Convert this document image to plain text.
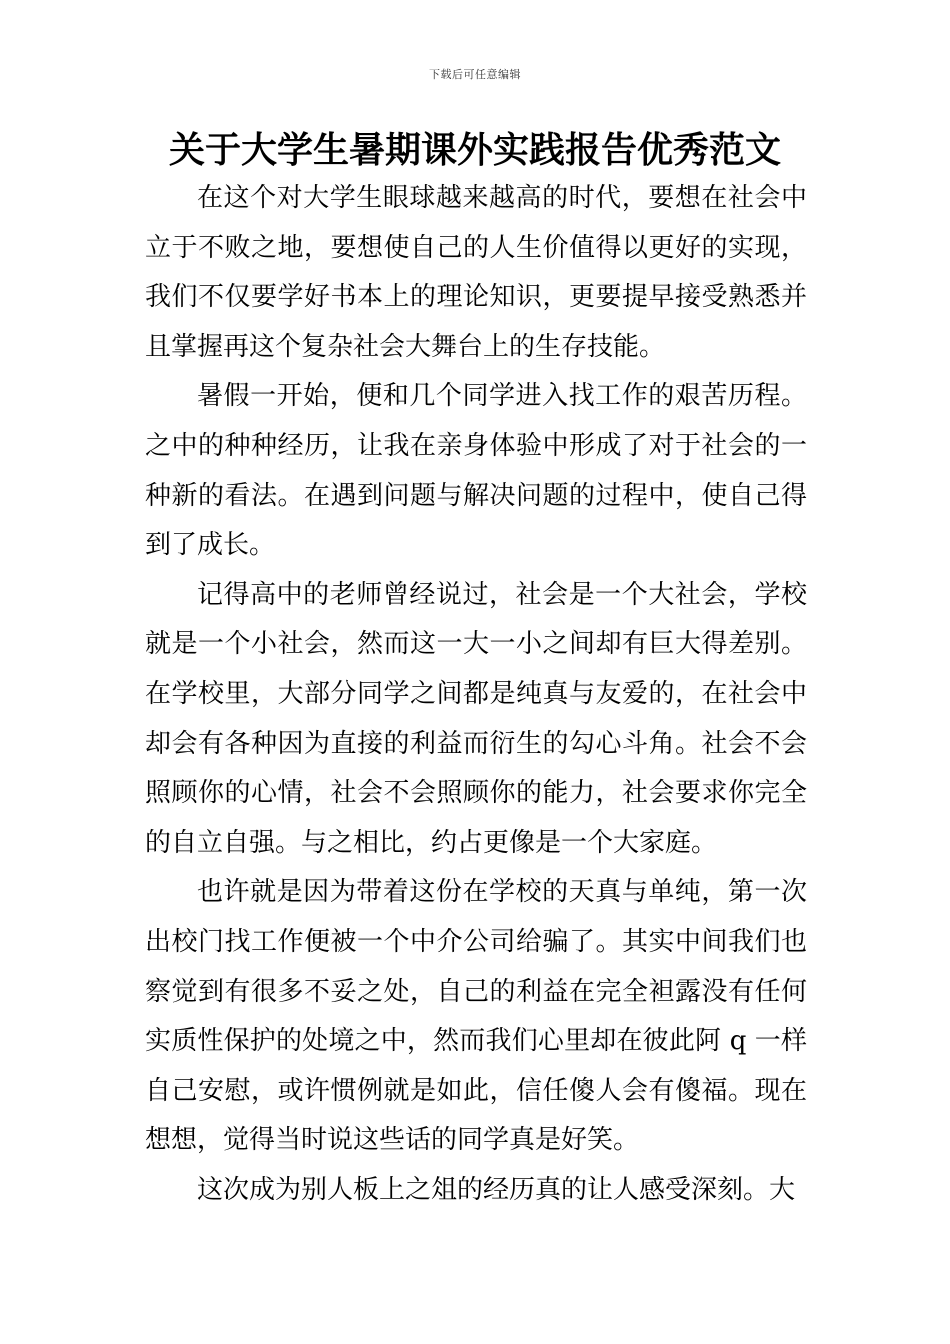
下载后可任意编辑
关于大学生暑期课外实践报告优秀范文

在这个对大学生眼球越来越高的时代，要想在社会中立于不败之地，要想使自己的人生价值得以更好的实现，我们不仅要学好书本上的理论知识，更要提早接受熟悉并且掌握再这个复杂社会大舞台上的生存技能。

暑假一开始，便和几个同学进入找工作的艰苦历程。之中的种种经历，让我在亲身体验中形成了对于社会的一种新的看法。在遇到问题与解决问题的过程中，使自己得到了成长。

记得高中的老师曾经说过，社会是一个大社会，学校就是一个小社会，然而这一大一小之间却有巨大得差别。在学校里，大部分同学之间都是纯真与友爱的，在社会中却会有各种因为直接的利益而衍生的勾心斗角。社会不会照顾你的心情，社会不会照顾你的能力，社会要求你完全的自立自强。与之相比，约占更像是一个大家庭。

也许就是因为带着这份在学校的天真与单纯，第一次出校门找工作便被一个中介公司给骗了。其实中间我们也察觉到有很多不妥之处，自己的利益在完全袒露没有任何实质性保护的处境之中，然而我们心里却在彼此阿 q 一样自己安慰，或许惯例就是如此，信任傻人会有傻福。现在想想，觉得当时说这些话的同学真是好笑。

这次成为别人板上之俎的经历真的让人感受深刻。大
